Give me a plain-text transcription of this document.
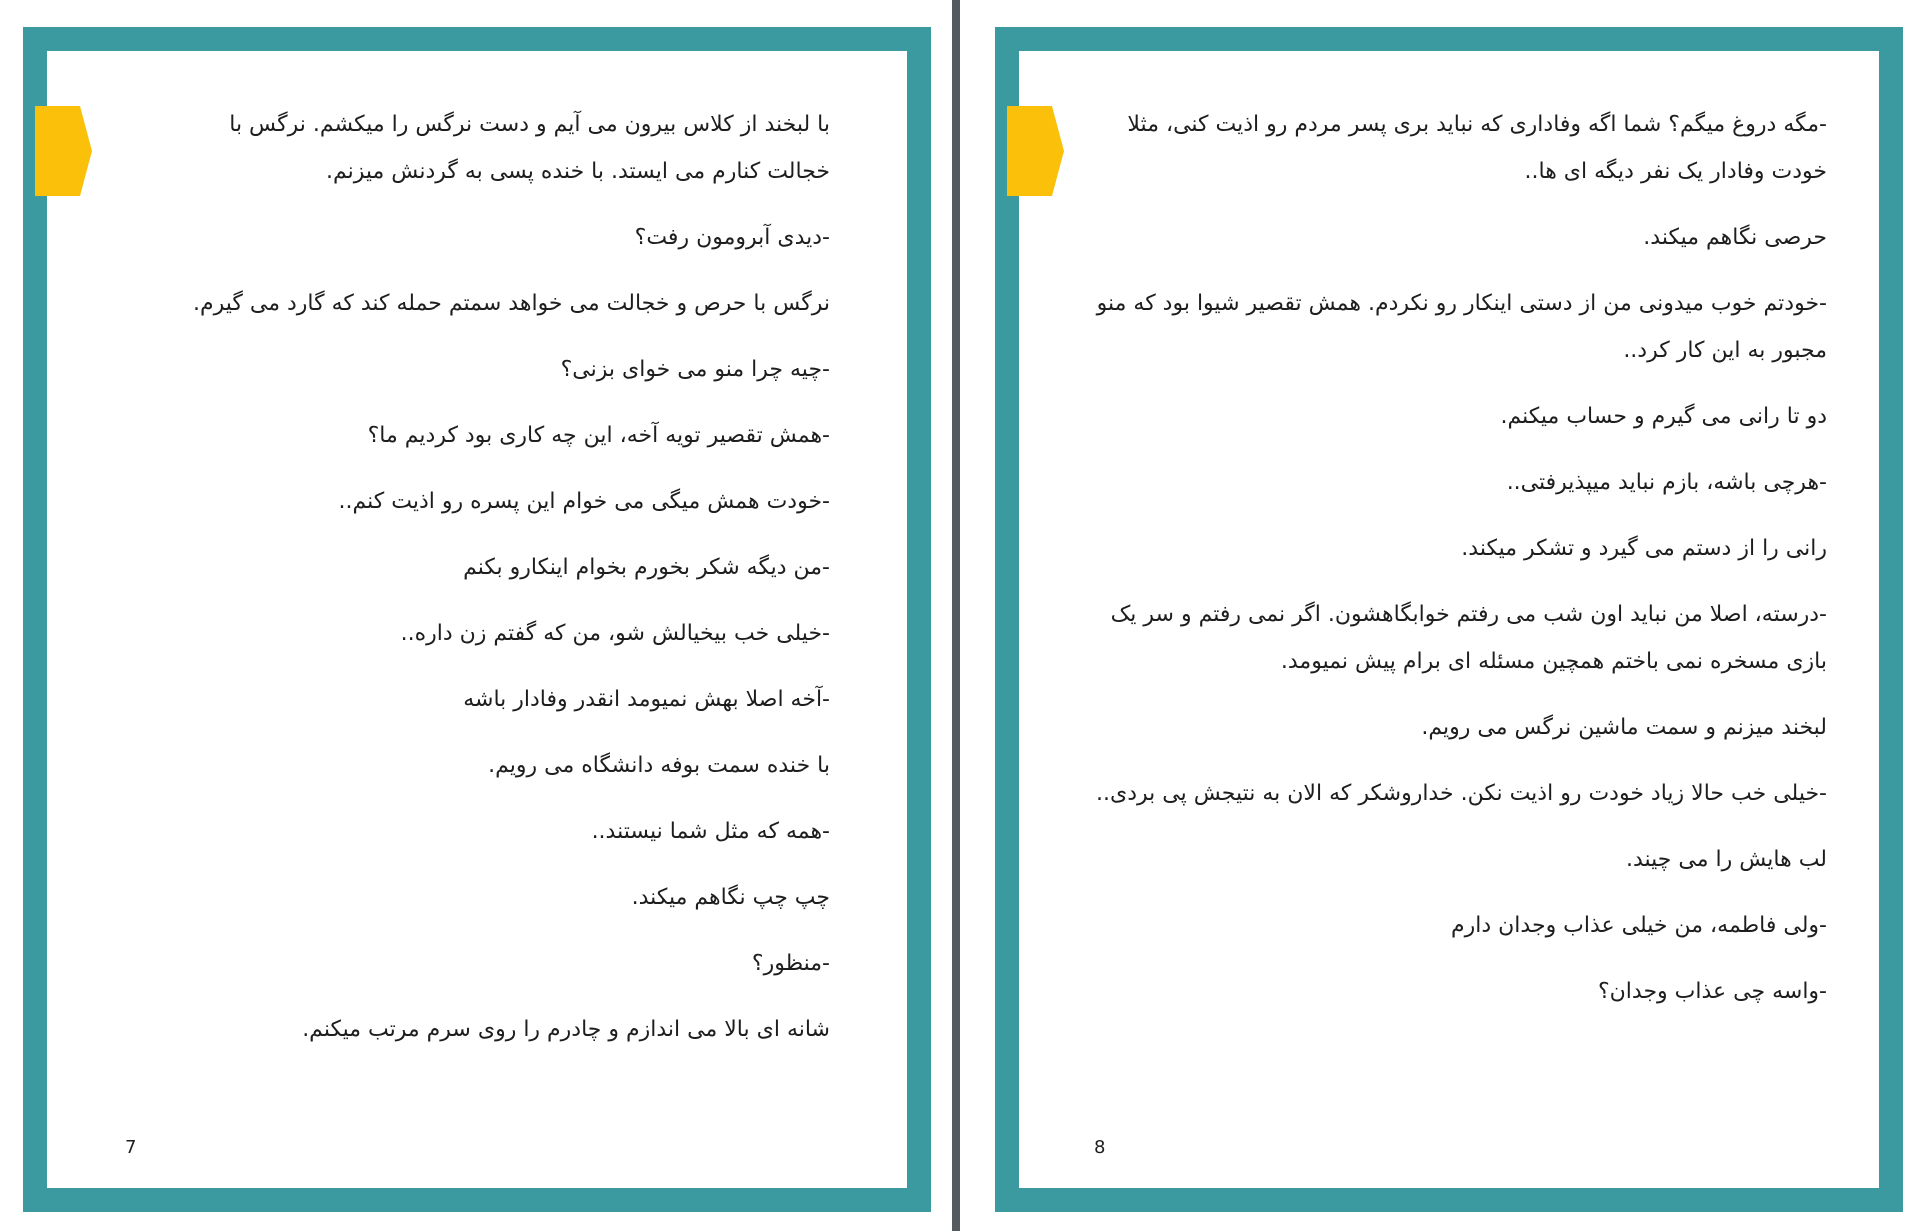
با لبخند از کلاس بیرون می آیم و دست نرگس را میکشم. نرگس با خجالت کنارم می ایستد. با خنده پسی به گردنش میزنم.

-دیدی آبرومون رفت؟

نرگس با حرص و خجالت می خواهد سمتم حمله کند که گارد می گیرم.

-چیه چرا منو می خوای بزنی؟

-همش تقصیر تویه آخه، این چه کاری بود کردیم ما؟

-خودت همش میگی می خوام این پسره رو اذیت کنم..

-من دیگه شکر بخورم بخوام اینکارو بکنم

-خیلی خب بیخیالش شو، من که گفتم زن داره..

-آخه اصلا بهش نمیومد انقدر وفادار باشه

با خنده سمت بوفه دانشگاه می رویم.

-همه که مثل شما نیستند..

چپ چپ نگاهم میکند.

-منظور؟

شانه ای بالا می اندازم و چادرم را روی سرم مرتب میکنم.

7

-مگه دروغ میگم؟ شما اگه وفاداری که نباید بری پسر مردم رو اذیت کنی، مثلا خودت وفادار یک نفر دیگه ای ها..

حرصی نگاهم میکند.

-خودتم خوب میدونی من از دستی اینکار رو نکردم. همش تقصیر شیوا بود که منو مجبور به این کار کرد..

دو تا رانی می گیرم و حساب میکنم.

-هرچی باشه، بازم نباید میپذیرفتی..

رانی را از دستم می گیرد و تشکر میکند.

-درسته، اصلا من نباید اون شب می رفتم خوابگاهشون. اگر نمی رفتم و سر یک بازی مسخره نمی باختم همچین مسئله ای برام پیش نمیومد.

لبخند میزنم و سمت ماشین نرگس می رویم.

-خیلی خب حالا زیاد خودت رو اذیت نکن. خداروشکر که الان به نتیجش پی بردی..

لب هایش را می چیند.

-ولی فاطمه، من خیلی عذاب وجدان دارم

-واسه چی عذاب وجدان؟

8
